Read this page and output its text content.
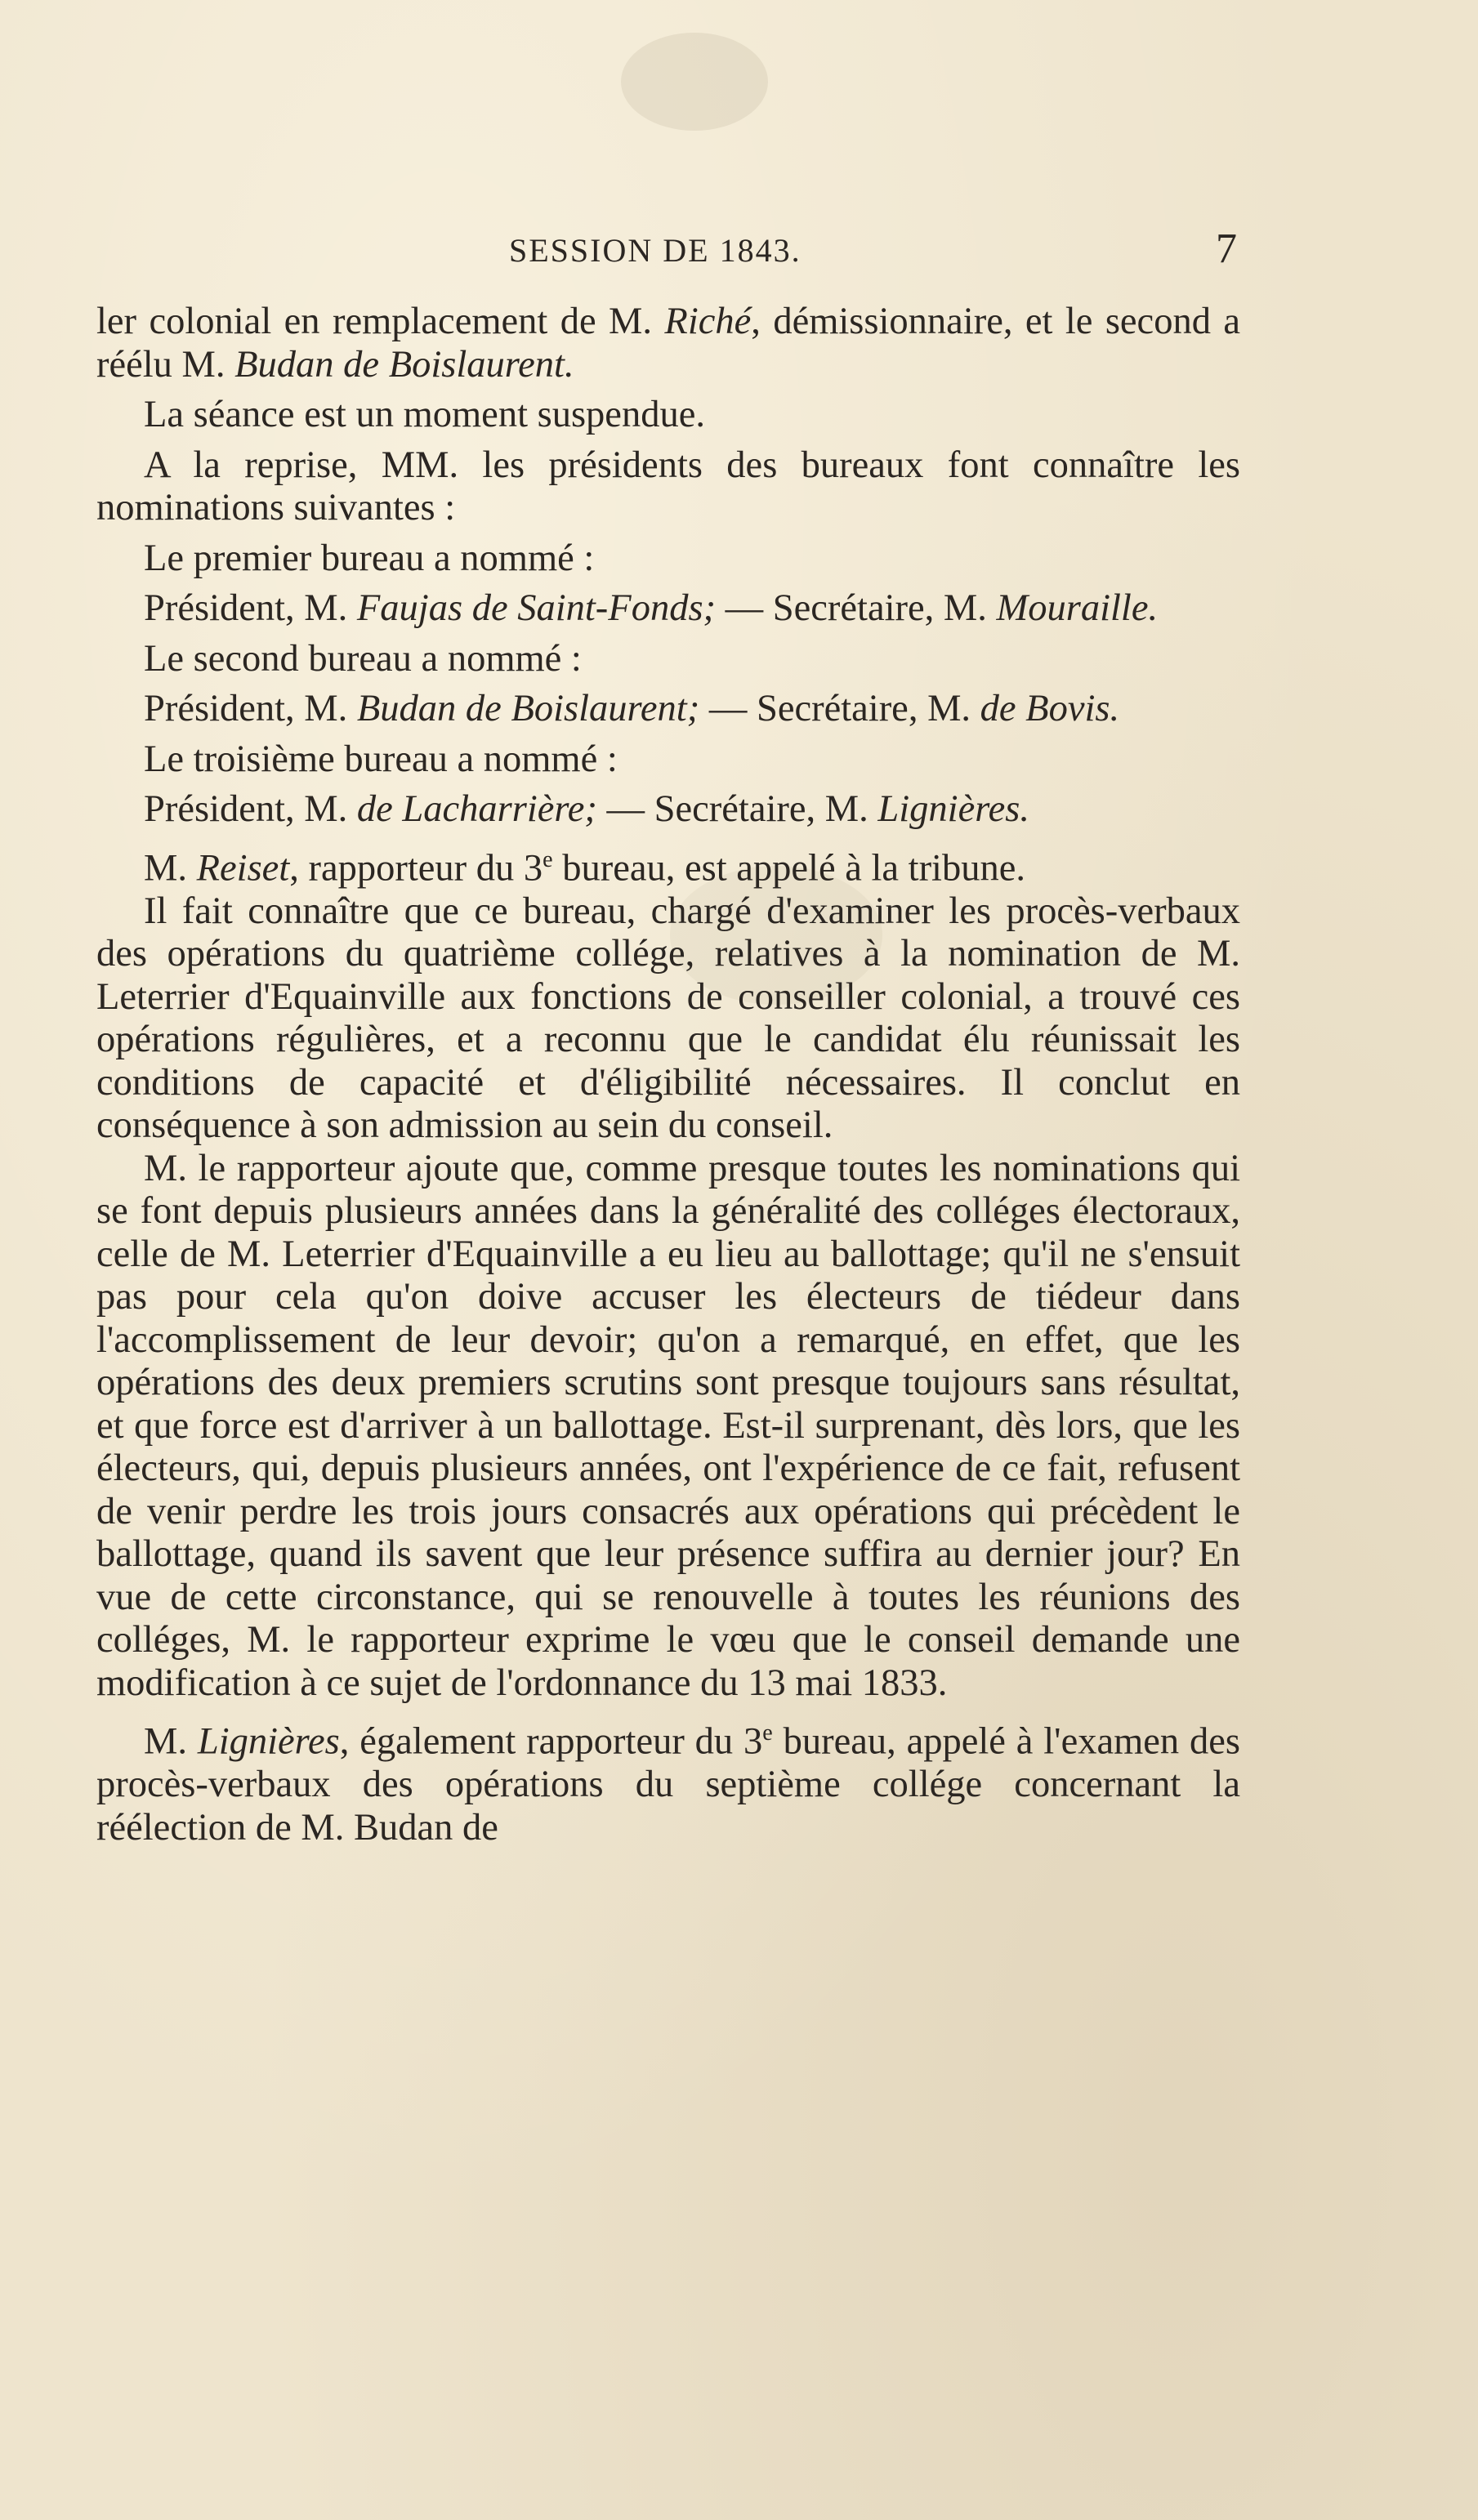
SESSION DE 1843.	7

ler colonial en remplacement de M. Riché, démissionnaire, et le second a réélu M. Budan de Boislaurent.

La séance est un moment suspendue.

A la reprise, MM. les présidents des bureaux font connaître les nominations suivantes :

Le premier bureau a nommé :

Président, M. Faujas de Saint-Fonds; — Secrétaire, M. Mouraille.

Le second bureau a nommé :

Président, M. Budan de Boislaurent; — Secrétaire, M. de Bovis.

Le troisième bureau a nommé :

Président, M. de Lacharrière; — Secrétaire, M. Lignières.

M. Reiset, rapporteur du 3e bureau, est appelé à la tribune.

Il fait connaître que ce bureau, chargé d'examiner les procès-verbaux des opérations du quatrième collége, relatives à la nomination de M. Leterrier d'Equainville aux fonctions de conseiller colonial, a trouvé ces opérations régulières, et a reconnu que le candidat élu réunissait les conditions de capacité et d'éligibilité nécessaires. Il conclut en conséquence à son admission au sein du conseil.

M. le rapporteur ajoute que, comme presque toutes les nominations qui se font depuis plusieurs années dans la généralité des colléges électoraux, celle de M. Leterrier d'Equainville a eu lieu au ballottage; qu'il ne s'ensuit pas pour cela qu'on doive accuser les électeurs de tiédeur dans l'accomplissement de leur devoir; qu'on a remarqué, en effet, que les opérations des deux premiers scrutins sont presque toujours sans résultat, et que force est d'arriver à un ballottage. Est-il surprenant, dès lors, que les électeurs, qui, depuis plusieurs années, ont l'expérience de ce fait, refusent de venir perdre les trois jours consacrés aux opérations qui précèdent le ballottage, quand ils savent que leur présence suffira au dernier jour? En vue de cette circonstance, qui se renouvelle à toutes les réunions des colléges, M. le rapporteur exprime le vœu que le conseil demande une modification à ce sujet de l'ordonnance du 13 mai 1833.

M. Lignières, également rapporteur du 3e bureau, appelé à l'examen des procès-verbaux des opérations du septième collége concernant la réélection de M. Budan de
